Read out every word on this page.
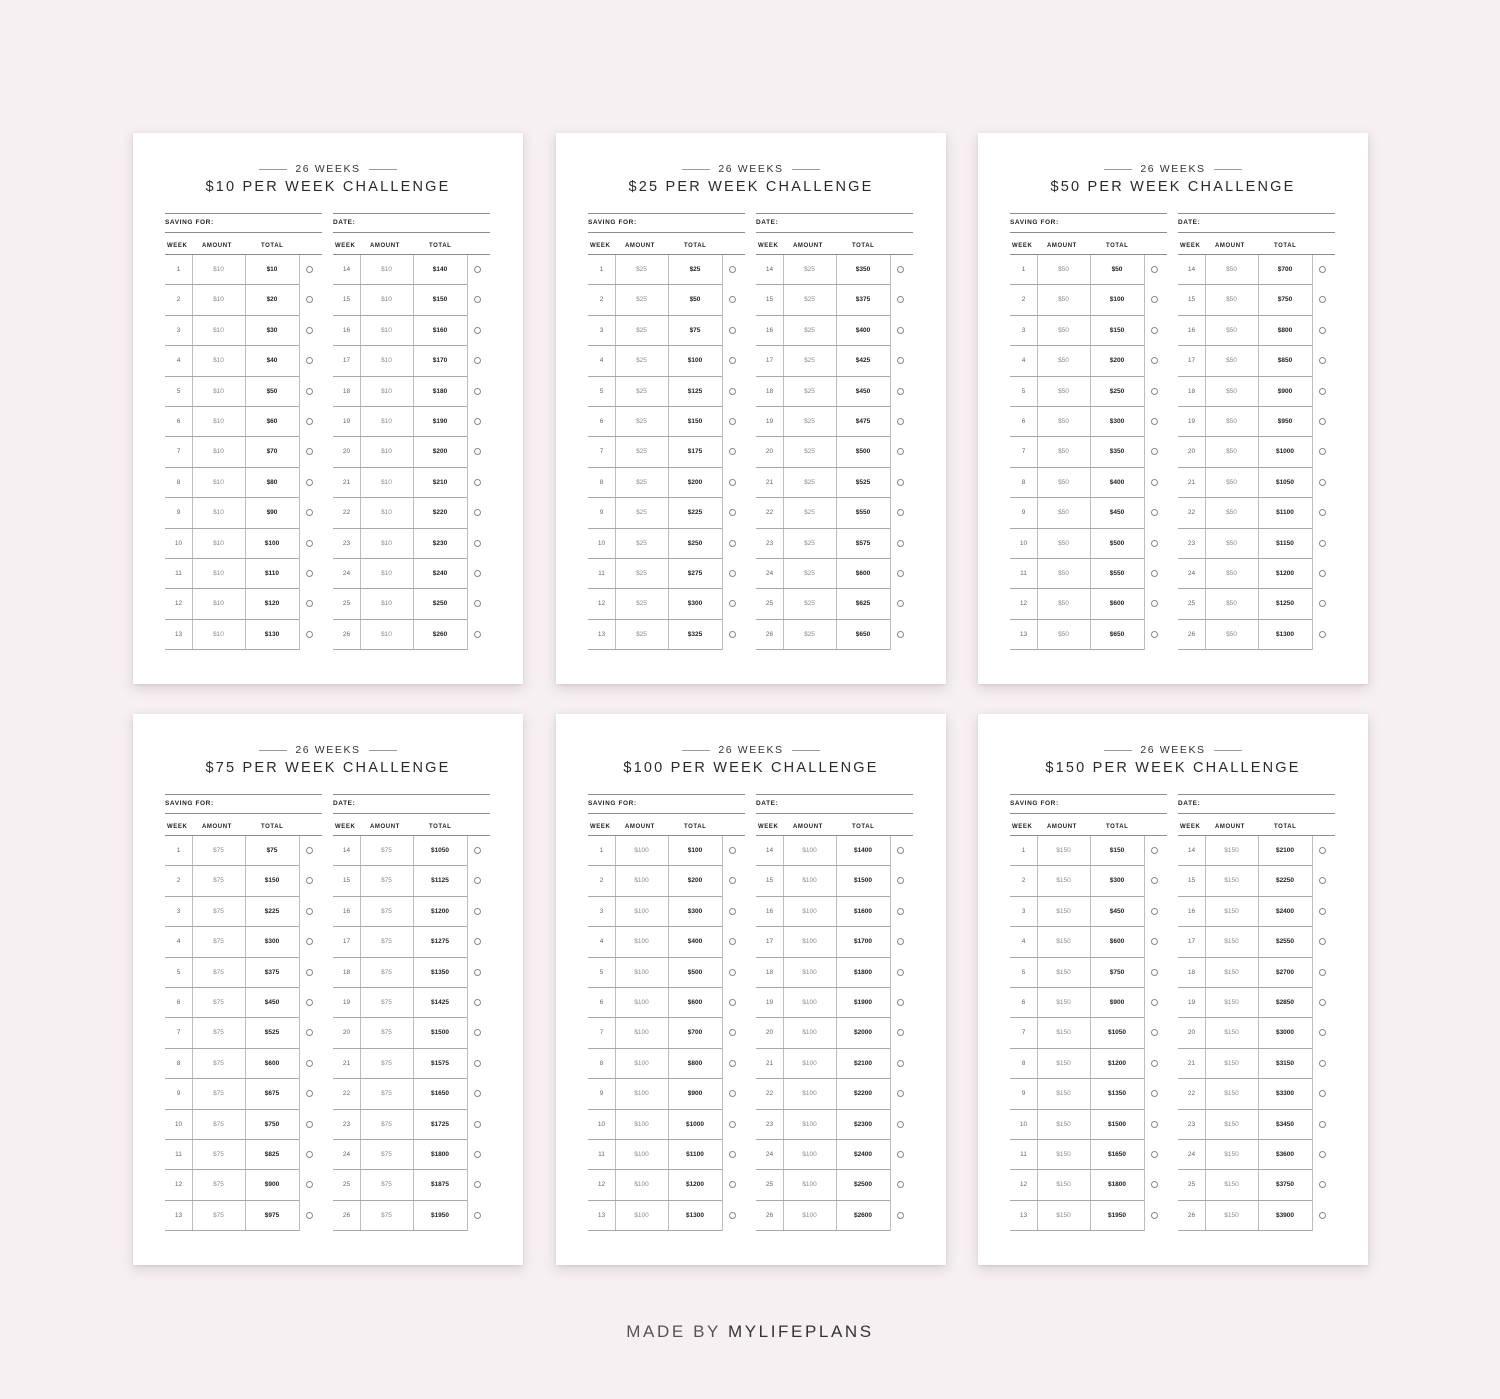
26 WEEKS
$10 PER WEEK CHALLENGE
SAVING FOR:	DATE:
WEEK AMOUNT	TOTAL
1	$10	$10
2	$10	$20
3	$10	$30
4	$10	$40
5	$10	$50
6	$10	$60
7	$10	$70
8	$10	$80
9	$10	$90
10	$10	$100
11	$10	$110
12	$10	$120
13	$10	$130
WEEK AMOUNT	TOTAL
14	$10	$140
15	$10	$150
16	$10	$160
17	$10	$170
18	$10	$180
19	$10	$190
20	$10	$200
21	$10	$210
22	$10	$220
23	$10	$230
24	$10	$240
25	$10	$250
26	$10	$260
26 WEEKS
$25 PER WEEK CHALLENGE
SAVING FOR:	DATE:
WEEK AMOUNT	TOTAL
1	$25	$25
2	$25	$50
3	$25	$75
4	$25	$100
5	$25	$125
6	$25	$150
7	$25	$175
8	$25	$200
9	$25	$225
10	$25	$250
11	$25	$275
12	$25	$300
13	$25	$325
WEEK AMOUNT	TOTAL
14	$25	$350
15	$25	$375
16	$25	$400
17	$25	$425
18	$25	$450
19	$25	$475
20	$25	$500
21	$25	$525
22	$25	$550
23	$25	$575
24	$25	$600
25	$25	$625
26	$25	$650
26 WEEKS
$50 PER WEEK CHALLENGE
SAVING FOR:	DATE:
WEEK AMOUNT	TOTAL
1	$50	$50
2	$50	$100
3	$50	$150
4	$50	$200
5	$50	$250
6	$50	$300
7	$50	$350
8	$50	$400
9	$50	$450
10	$50	$500
11	$50	$550
12	$50	$600
13	$50	$650
WEEK AMOUNT	TOTAL
14	$50	$700
15	$50	$750
16	$50	$800
17	$50	$850
18	$50	$900
19	$50	$950
20	$50	$1000
21	$50	$1050
22	$50	$1100
23	$50	$1150
24	$50	$1200
25	$50	$1250
26	$50	$1300
26 WEEKS
$75 PER WEEK CHALLENGE
SAVING FOR:	DATE:
WEEK AMOUNT	TOTAL
1	$75	$75
2	$75	$150
3	$75	$225
4	$75	$300
5	$75	$375
6	$75	$450
7	$75	$525
8	$75	$600
9	$75	$675
10	$75	$750
11	$75	$825
12	$75	$900
13	$75	$975
WEEK AMOUNT	TOTAL
14	$75	$1050
15	$75	$1125
16	$75	$1200
17	$75	$1275
18	$75	$1350
19	$75	$1425
20	$75	$1500
21	$75	$1575
22	$75	$1650
23	$75	$1725
24	$75	$1800
25	$75	$1875
26	$75	$1950
26 WEEKS
$100 PER WEEK CHALLENGE
SAVING FOR:	DATE:
WEEK AMOUNT	TOTAL
1	$100	$100
2	$100	$200
3	$100	$300
4	$100	$400
5	$100	$500
6	$100	$600
7	$100	$700
8	$100	$800
9	$100	$900
10	$100	$1000
11	$100	$1100
12	$100	$1200
13	$100	$1300
WEEK AMOUNT	TOTAL
14	$100	$1400
15	$100	$1500
16	$100	$1600
17	$100	$1700
18	$100	$1800
19	$100	$1900
20	$100	$2000
21	$100	$2100
22	$100	$2200
23	$100	$2300
24	$100	$2400
25	$100	$2500
26	$100	$2600
26 WEEKS
$150 PER WEEK CHALLENGE
SAVING FOR:	DATE:
WEEK AMOUNT	TOTAL
1	$150	$150
2	$150	$300
3	$150	$450
4	$150	$600
5	$150	$750
6	$150	$900
7	$150	$1050
8	$150	$1200
9	$150	$1350
10	$150	$1500
11	$150	$1650
12	$150	$1800
13	$150	$1950
WEEK AMOUNT	TOTAL
14	$150	$2100
15	$150	$2250
16	$150	$2400
17	$150	$2550
18	$150	$2700
19	$150	$2850
20	$150	$3000
21	$150	$3150
22	$150	$3300
23	$150	$3450
24	$150	$3600
25	$150	$3750
26	$150	$3900
MADE BY MYLIFEPLANS
